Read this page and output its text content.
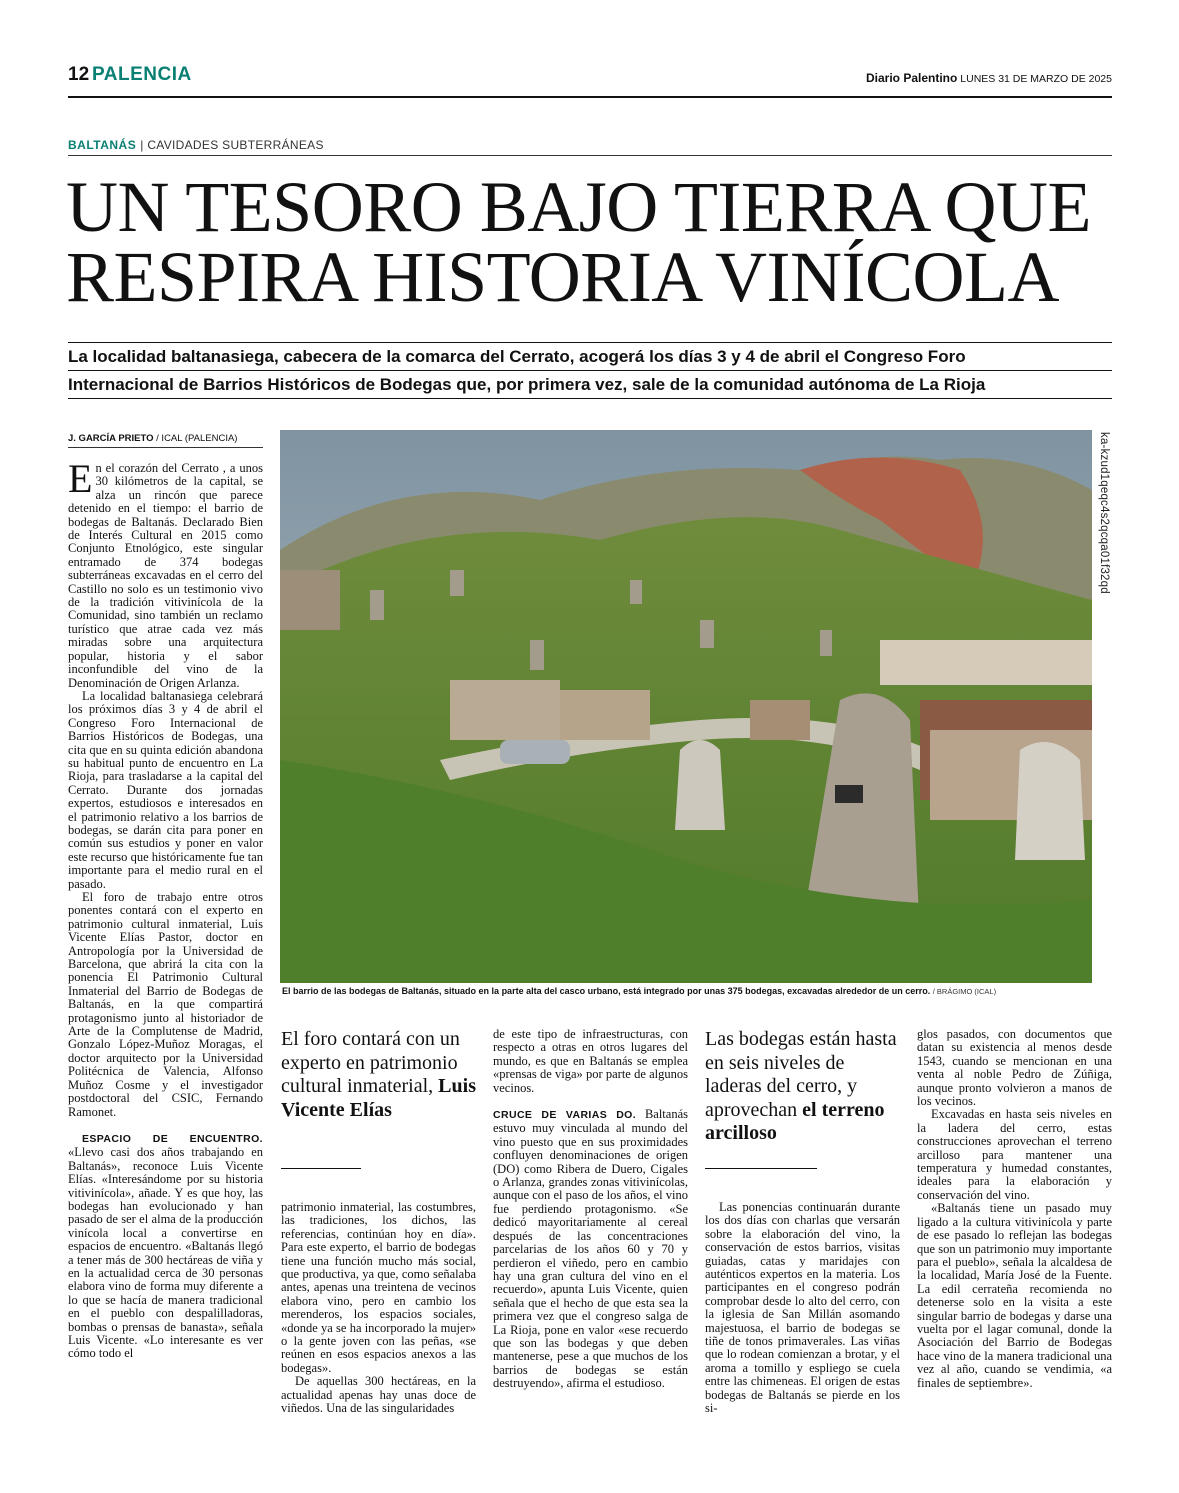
12 PALENCIA	Diario Palentino LUNES 31 DE MARZO DE 2025
BALTANÁS | CAVIDADES SUBTERRÁNEAS
UN TESORO BAJO TIERRA QUE
RESPIRA HISTORIA VINÍCOLA
La localidad baltanasiega, cabecera de la comarca del Cerrato, acogerá los días 3 y 4 de abril el Congreso Foro
Internacional de Barrios Históricos de Bodegas que, por primera vez, sale de la comunidad autónoma de La Rioja
J. GARCÍA PRIETO / ICAL (PALENCIA)

En el corazón del Cerrato , a unos 30 kilómetros de la capital, se alza un rincón que parece detenido en el tiempo: el barrio de bodegas de Baltanás. Declarado Bien de Interés Cultural en 2015 como Conjunto Etnológico, este singular entramado de 374 bodegas subterráneas excavadas en el cerro del Castillo no solo es un testimonio vivo de la tradición vitivinícola de la Comunidad, sino también un reclamo turístico que atrae cada vez más miradas sobre una arquitectura popular, historia y el sabor inconfundible del vino de la Denominación de Origen Arlanza.

La localidad baltanasiega celebrará los próximos días 3 y 4 de abril el Congreso Foro Internacional de Barrios Históricos de Bodegas, una cita que en su quinta edición abandona su habitual punto de encuentro en La Rioja, para trasladarse a la capital del Cerrato. Durante dos jornadas expertos, estudiosos e interesados en el patrimonio relativo a los barrios de bodegas, se darán cita para poner en común sus estudios y poner en valor este recurso que históricamente fue tan importante para el medio rural en el pasado.

El foro de trabajo entre otros ponentes contará con el experto en patrimonio cultural inmaterial, Luis Vicente Elías Pastor, doctor en Antropología por la Universidad de Barcelona, que abrirá la cita con la ponencia El Patrimonio Cultural Inmaterial del Barrio de Bodegas de Baltanás, en la que compartirá protagonismo junto al historiador de Arte de la Complutense de Madrid, Gonzalo López-Muñoz Moragas, el doctor arquitecto por la Universidad Politécnica de Valencia, Alfonso Muñoz Cosme y el investigador postdoctoral del CSIC, Fernando Ramonet.

ESPACIO DE ENCUENTRO. «Llevo casi dos años trabajando en Baltanás», reconoce Luis Vicente Elías. «Interesándome por su historia vitivinícola», añade. Y es que hoy, las bodegas han evolucionado y han pasado de ser el alma de la producción vinícola local a convertirse en espacios de encuentro. «Baltanás llegó a tener más de 300 hectáreas de viña y en la actualidad cerca de 30 personas elabora vino de forma muy diferente a lo que se hacía de manera tradicional en el pueblo con despalilladoras, bombas o prensas de banasta», señala Luis Vicente. «Lo interesante es ver cómo todo el

ka-kzud1qeqc4s2qcqa01f32qd
El barrio de las bodegas de Baltanás, situado en la parte alta del casco urbano, está integrado por unas 375 bodegas, excavadas alrededor de un cerro. / BRÁGIMO (ICAL)
El foro contará con un experto en patrimonio cultural inmaterial, Luis Vicente Elías

patrimonio inmaterial, las costumbres, las tradiciones, los dichos, las referencias, continúan hoy en día». Para este experto, el barrio de bodegas tiene una función mucho más social, que productiva, ya que, como señalaba antes, apenas una treintena de vecinos elabora vino, pero en cambio los merenderos, los espacios sociales, «donde ya se ha incorporado la mujer» o la gente joven con las peñas, «se reúnen en esos espacios anexos a las bodegas».

De aquellas 300 hectáreas, en la actualidad apenas hay unas doce de viñedos. Una de las singularidades

de este tipo de infraestructuras, con respecto a otras en otros lugares del mundo, es que en Baltanás se emplea «prensas de viga» por parte de algunos vecinos.

CRUCE DE VARIAS DO. Baltanás estuvo muy vinculada al mundo del vino puesto que en sus proximidades confluyen denominaciones de origen (DO) como Ribera de Duero, Cigales o Arlanza, grandes zonas vitivinícolas, aunque con el paso de los años, el vino fue perdiendo protagonismo. «Se dedicó mayoritariamente al cereal después de las concentraciones parcelarias de los años 60 y 70 y perdieron el viñedo, pero en cambio hay una gran cultura del vino en el recuerdo», apunta Luis Vicente, quien señala que el hecho de que esta sea la primera vez que el congreso salga de La Rioja, pone en valor «ese recuerdo que son las bodegas y que deben mantenerse, pese a que muchos de los barrios de bodegas se están destruyendo», afirma el estudioso.

Las bodegas están hasta en seis niveles de laderas del cerro, y aprovechan el terreno arcilloso

Las ponencias continuarán durante los dos días con charlas que versarán sobre la elaboración del vino, la conservación de estos barrios, visitas guiadas, catas y maridajes con auténticos expertos en la materia. Los participantes en el congreso podrán comprobar desde lo alto del cerro, con la iglesia de San Millán asomando majestuosa, el barrio de bodegas se tiñe de tonos primaverales. Las viñas que lo rodean comienzan a brotar, y el aroma a tomillo y espliego se cuela entre las chimeneas. El origen de estas bodegas de Baltanás se pierde en los si-

glos pasados, con documentos que datan su existencia al menos desde 1543, cuando se mencionan en una venta al noble Pedro de Zúñiga, aunque pronto volvieron a manos de los vecinos.

Excavadas en hasta seis niveles en la ladera del cerro, estas construcciones aprovechan el terreno arcilloso para mantener una temperatura y humedad constantes, ideales para la elaboración y conservación del vino.

«Baltanás tiene un pasado muy ligado a la cultura vitivinícola y parte de ese pasado lo reflejan las bodegas que son un patrimonio muy importante para el pueblo», señala la alcaldesa de la localidad, María José de la Fuente. La edil cerrateña recomienda no detenerse solo en la visita a este singular barrio de bodegas y darse una vuelta por el lagar comunal, donde la Asociación del Barrio de Bodegas hace vino de la manera tradicional una vez al año, cuando se vendimia, «a finales de septiembre».
